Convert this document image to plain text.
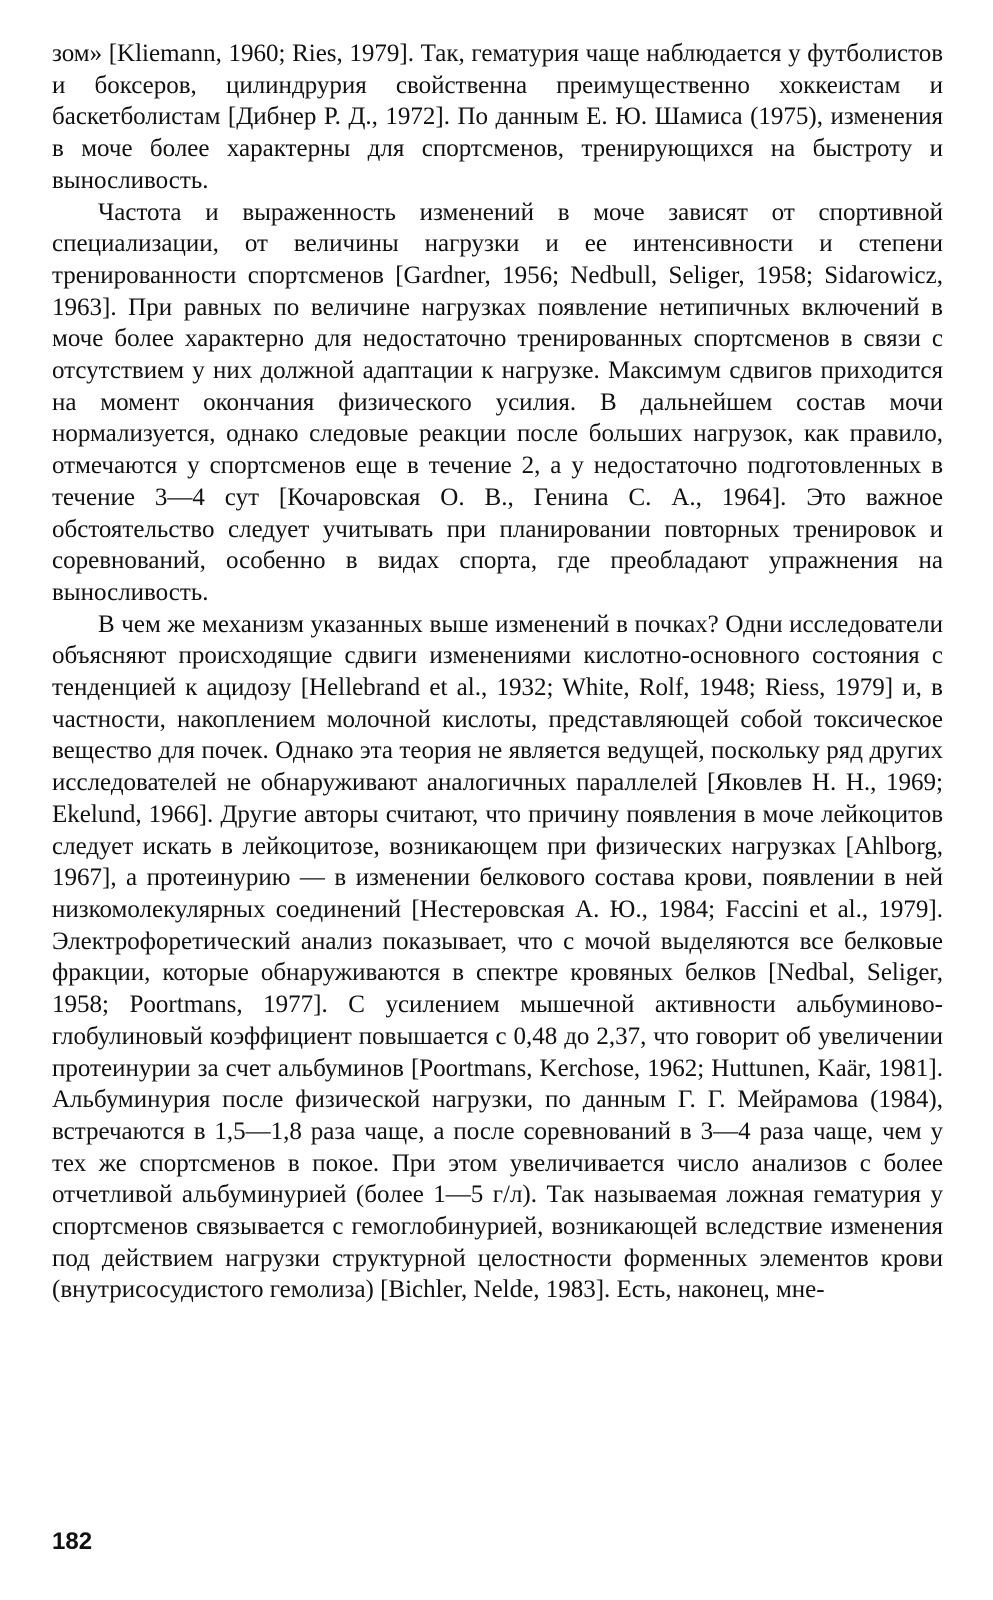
зом» [Kliemann, 1960; Ries, 1979]. Так, гематурия чаще наблюдается у футболистов и боксеров, цилиндрурия свойственна преимущественно хоккеистам и баскетболистам [Дибнер Р. Д., 1972]. По данным Е. Ю. Шамиса (1975), изменения в моче более характерны для спортсменов, тренирующихся на быстроту и выносливость.

Частота и выраженность изменений в моче зависят от спортивной специализации, от величины нагрузки и ее интенсивности и степени тренированности спортсменов [Gardner, 1956; Nedbull, Seliger, 1958; Sidarowicz, 1963]. При равных по величине нагрузках появление нетипичных включений в моче более характерно для недостаточно тренированных спортсменов в связи с отсутствием у них должной адаптации к нагрузке. Максимум сдвигов приходится на момент окончания физического усилия. В дальнейшем состав мочи нормализуется, однако следовые реакции после больших нагрузок, как правило, отмечаются у спортсменов еще в течение 2, а у недостаточно подготовленных в течение 3—4 сут [Кочаровская О. В., Генина С. А., 1964]. Это важное обстоятельство следует учитывать при планировании повторных тренировок и соревнований, особенно в видах спорта, где преобладают упражнения на выносливость.

В чем же механизм указанных выше изменений в почках? Одни исследователи объясняют происходящие сдвиги изменениями кислотно-основного состояния с тенденцией к ацидозу [Hellebrand et al., 1932; White, Rolf, 1948; Riess, 1979] и, в частности, накоплением молочной кислоты, представляющей собой токсическое вещество для почек. Однако эта теория не является ведущей, поскольку ряд других исследователей не обнаруживают аналогичных параллелей [Яковлев Н. Н., 1969; Ekelund, 1966]. Другие авторы считают, что причину появления в моче лейкоцитов следует искать в лейкоцитозе, возникающем при физических нагрузках [Ahlborg, 1967], а протеинурию — в изменении белкового состава крови, появлении в ней низкомолекулярных соединений [Нестеровская А. Ю., 1984; Faccini et al., 1979]. Электрофоретический анализ показывает, что с мочой выделяются все белковые фракции, которые обнаруживаются в спектре кровяных белков [Nedbal, Seliger, 1958; Poortmans, 1977]. С усилением мышечной активности альбуминово-глобулиновый коэффициент повышается с 0,48 до 2,37, что говорит об увеличении протеинурии за счет альбуминов [Poortmans, Kerchose, 1962; Huttunen, Kaär, 1981]. Альбуминурия после физической нагрузки, по данным Г. Г. Мейрамова (1984), встречаются в 1,5—1,8 раза чаще, а после соревнований в 3—4 раза чаще, чем у тех же спортсменов в покое. При этом увеличивается число анализов с более отчетливой альбуминурией (более 1—5 г/л). Так называемая ложная гематурия у спортсменов связывается с гемоглобинурией, возникающей вследствие изменения под действием нагрузки структурной целостности форменных элементов крови (внутрисосудистого гемолиза) [Bichler, Nelde, 1983]. Есть, наконец, мне-

182
